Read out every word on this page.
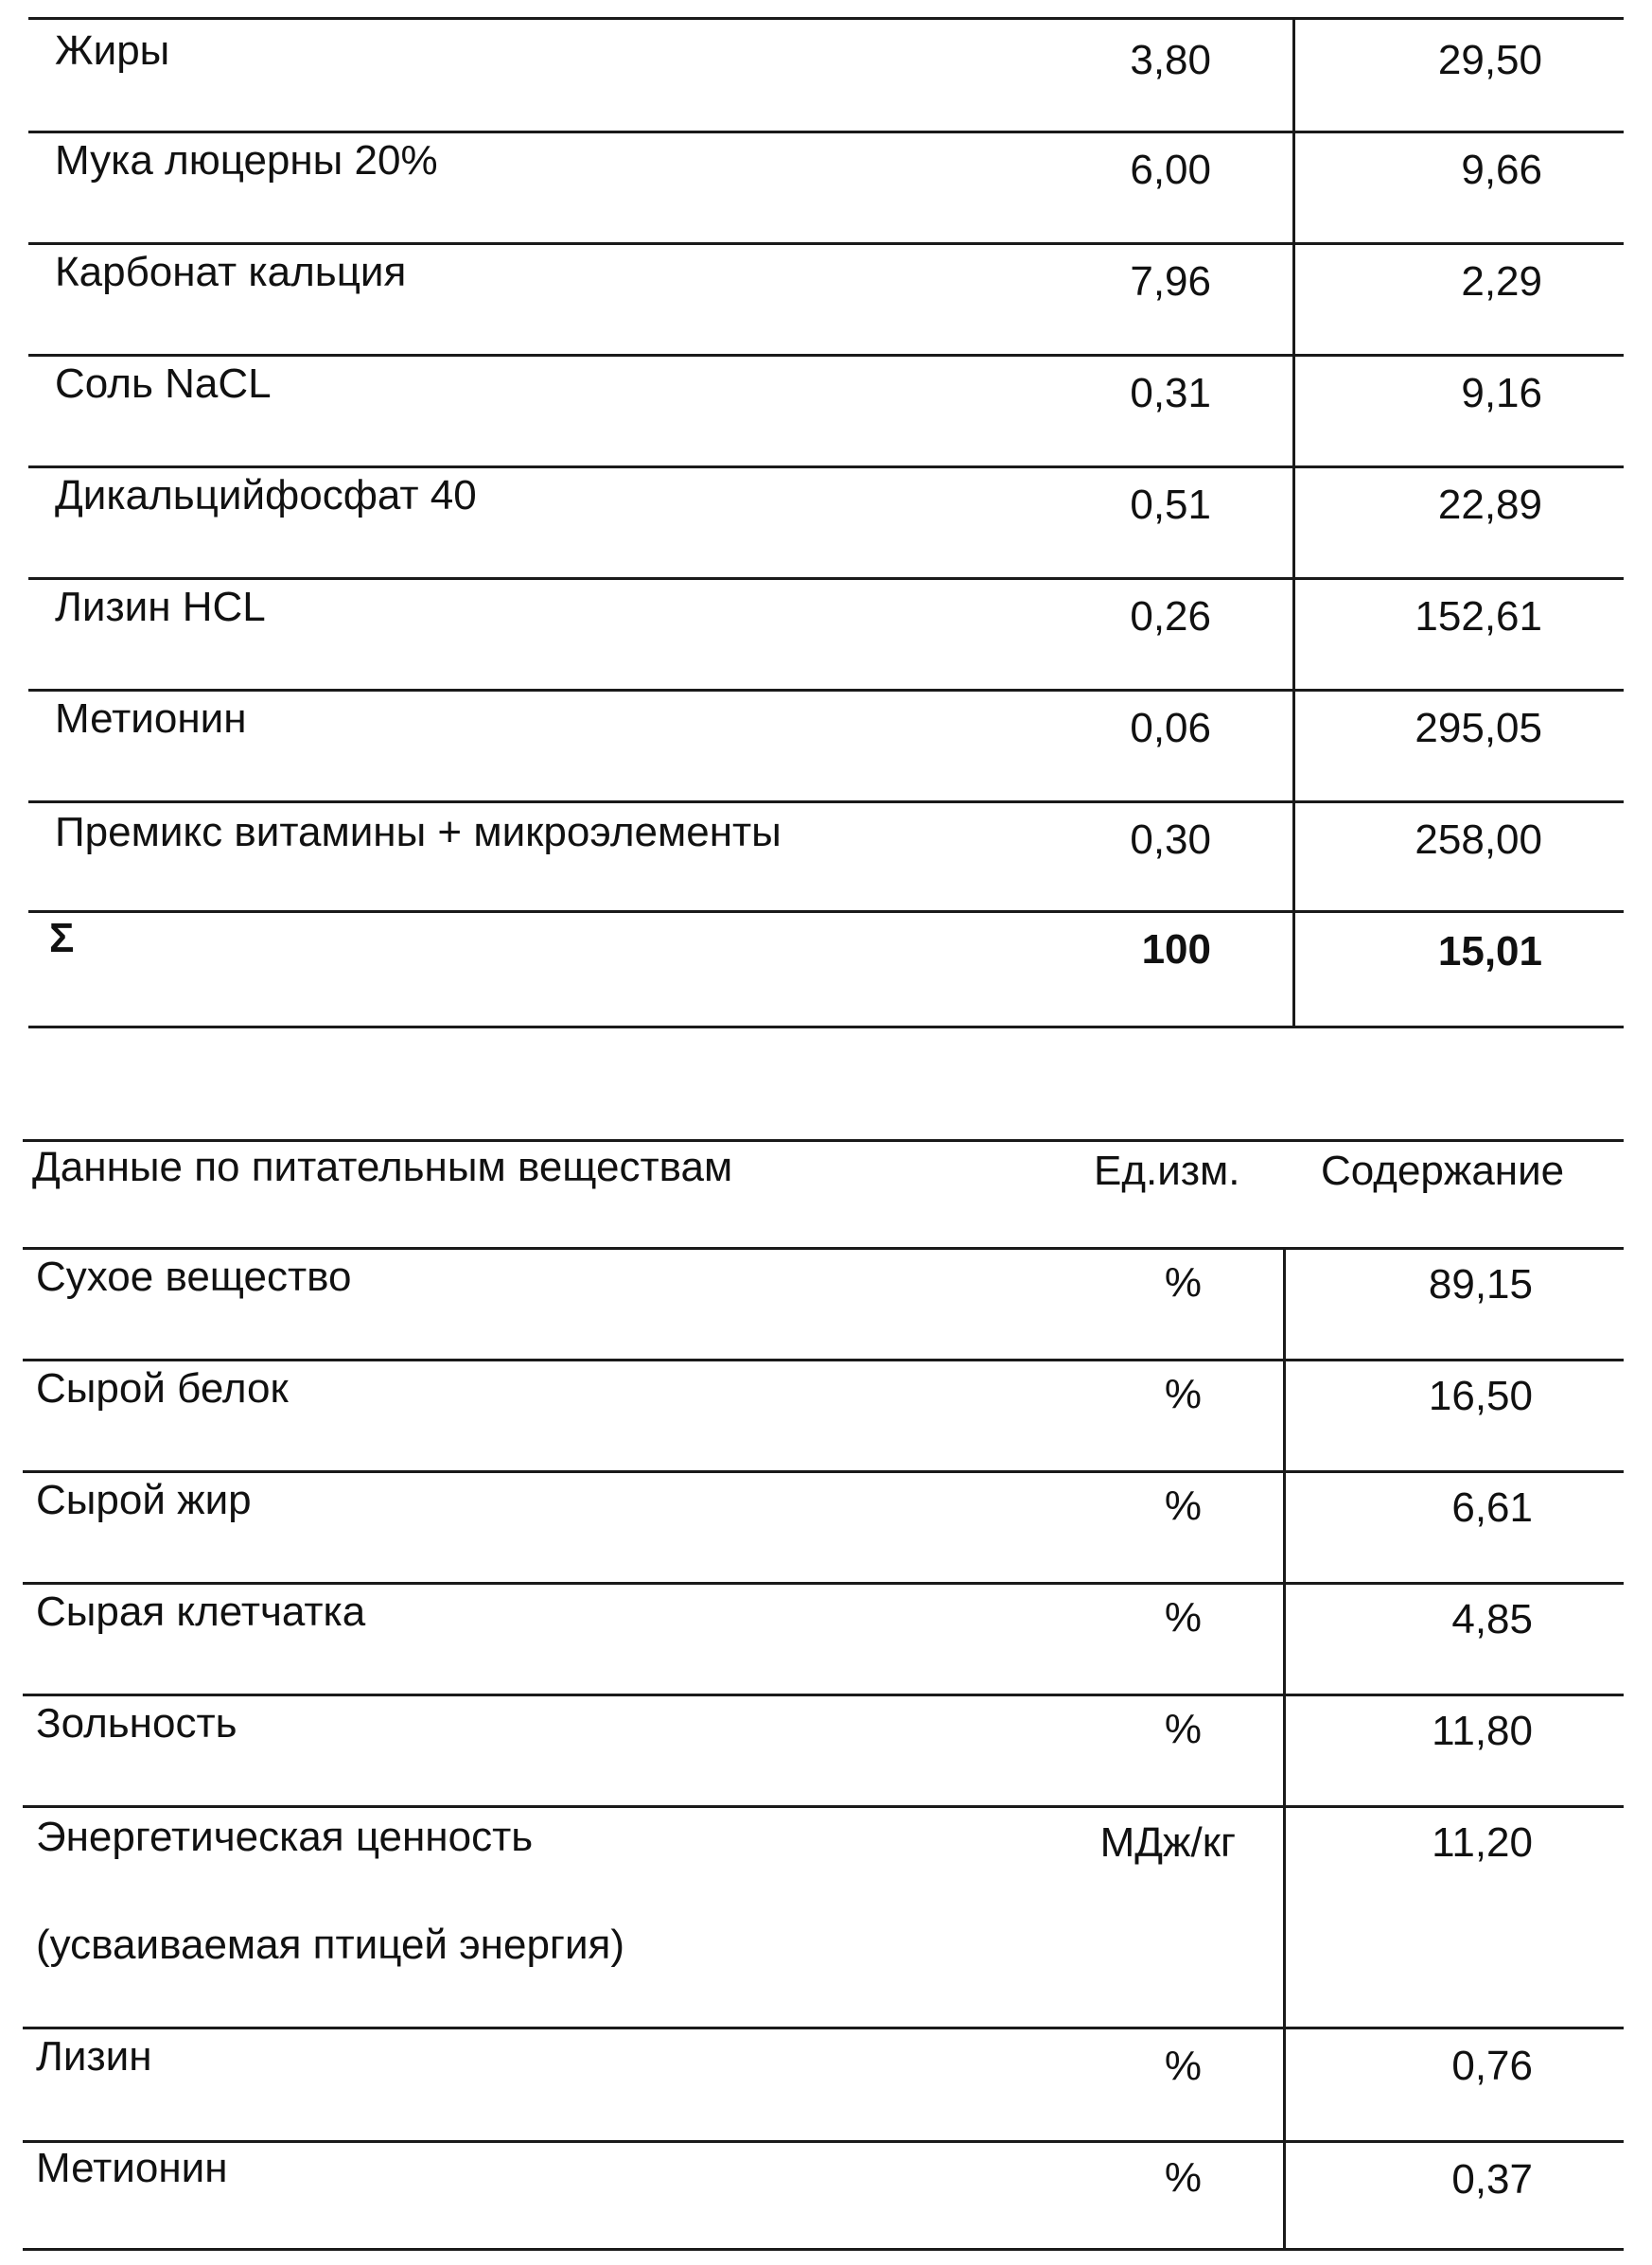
Жиры	3,80	29,50
Мука люцерны 20%	6,00	9,66
Карбонат кальция	7,96	2,29
Соль NaCL	0,31	9,16
Дикальцийфосфат 40	0,51	22,89
Лизин HCL	0,26	152,61
Метионин	0,06	295,05
Премикс витамины + микроэлементы	0,30	258,00
Σ	100	15,01
Данные по питательным веществам	Ед.изм. Содержание
Сухое вещество	%	89,15
Сырой белок	%	16,50
Сырой жир	%	6,61
Сырая клетчатка	%	4,85
Зольность	%	11,80
Энергетическая ценность
(усваиваемая птицей энергия)
МДж/кг	11,20
Лизин	%	0,76
Метионин	%	0,37
